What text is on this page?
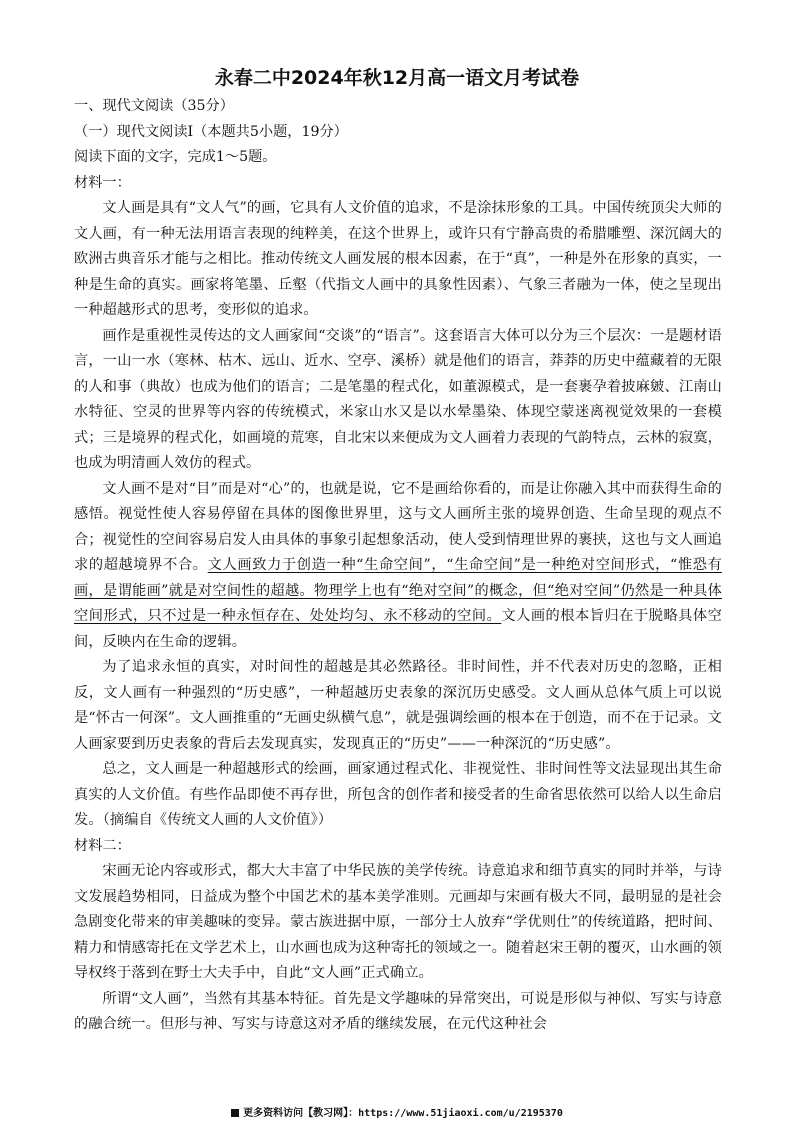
永春二中2024年秋12月高一语文月考试卷

一、现代文阅读（35分）

（一）现代文阅读Ⅰ（本题共5小题，19分）

阅读下面的文字，完成1～5题。

材料一：

文人画是具有“文人气”的画，它具有人文价值的追求，不是涂抹形象的工具。中国传统顶尖大师的文人画，有一种无法用语言表现的纯粹美，在这个世界上，或许只有宁静高贵的希腊雕塑、深沉阔大的欧洲古典音乐才能与之相比。推动传统文人画发展的根本因素，在于“真”，一种是外在形象的真实，一种是生命的真实。画家将笔墨、丘壑（代指文人画中的具象性因素）、气象三者融为一体，使之呈现出一种超越形式的思考，变形似的追求。

画作是重视性灵传达的文人画家间“交谈”的“语言”。这套语言大体可以分为三个层次：一是题材语言，一山一水（寒林、枯木、远山、近水、空亭、溪桥）就是他们的语言，莽莽的历史中蕴藏着的无限的人和事（典故）也成为他们的语言；二是笔墨的程式化，如董源模式，是一套裹孕着披麻皴、江南山水特征、空灵的世界等内容的传统模式，米家山水又是以水晕墨染、体现空蒙迷离视觉效果的一套模式；三是境界的程式化，如画境的荒寒，自北宋以来便成为文人画着力表现的气韵特点，云林的寂寞，也成为明清画人效仿的程式。

文人画不是对“目”而是对“心”的，也就是说，它不是画给你看的，而是让你融入其中而获得生命的感悟。视觉性使人容易停留在具体的图像世界里，这与文人画所主张的境界创造、生命呈现的观点不合；视觉性的空间容易启发人由具体的事象引起想象活动，使人受到情理世界的裹挟，这也与文人画追求的超越境界不合。文人画致力于创造一种“生命空间”，“生命空间”是一种绝对空间形式，“惟恐有画，是谓能画”就是对空间性的超越。物理学上也有“绝对空间”的概念，但“绝对空间”仍然是一种具体空间形式，只不过是一种永恒存在、处处均匀、永不移动的空间。文人画的根本旨归在于脱略具体空间，反映内在生命的逻辑。

为了追求永恒的真实，对时间性的超越是其必然路径。非时间性，并不代表对历史的忽略，正相反，文人画有一种强烈的“历史感”，一种超越历史表象的深沉历史感受。文人画从总体气质上可以说是“怀古一何深”。文人画推重的“无画史纵横气息”，就是强调绘画的根本在于创造，而不在于记录。文人画家要到历史表象的背后去发现真实，发现真正的“历史”——一种深沉的“历史感”。

总之，文人画是一种超越形式的绘画，画家通过程式化、非视觉性、非时间性等文法显现出其生命真实的人文价值。有些作品即使不再存世，所包含的创作者和接受者的生命省思依然可以给人以生命启发。（摘编自《传统文人画的人文价值》）

材料二：

宋画无论内容或形式，都大大丰富了中华民族的美学传统。诗意追求和细节真实的同时并举，与诗文发展趋势相同，日益成为整个中国艺术的基本美学准则。元画却与宋画有极大不同，最明显的是社会急剧变化带来的审美趣味的变异。蒙古族进据中原，一部分士人放弃“学优则仕”的传统道路，把时间、精力和情感寄托在文学艺术上，山水画也成为这种寄托的领域之一。随着赵宋王朝的覆灭，山水画的领导权终于落到在野士大夫手中，自此“文人画”正式确立。

所谓“文人画”，当然有其基本特征。首先是文学趣味的异常突出，可说是形似与神似、写实与诗意的融合统一。但形与神、写实与诗意这对矛盾的继续发展，在元代这种社会

更多资料访问【教习网】：https://www.51jiaoxi.com/u/2195370
